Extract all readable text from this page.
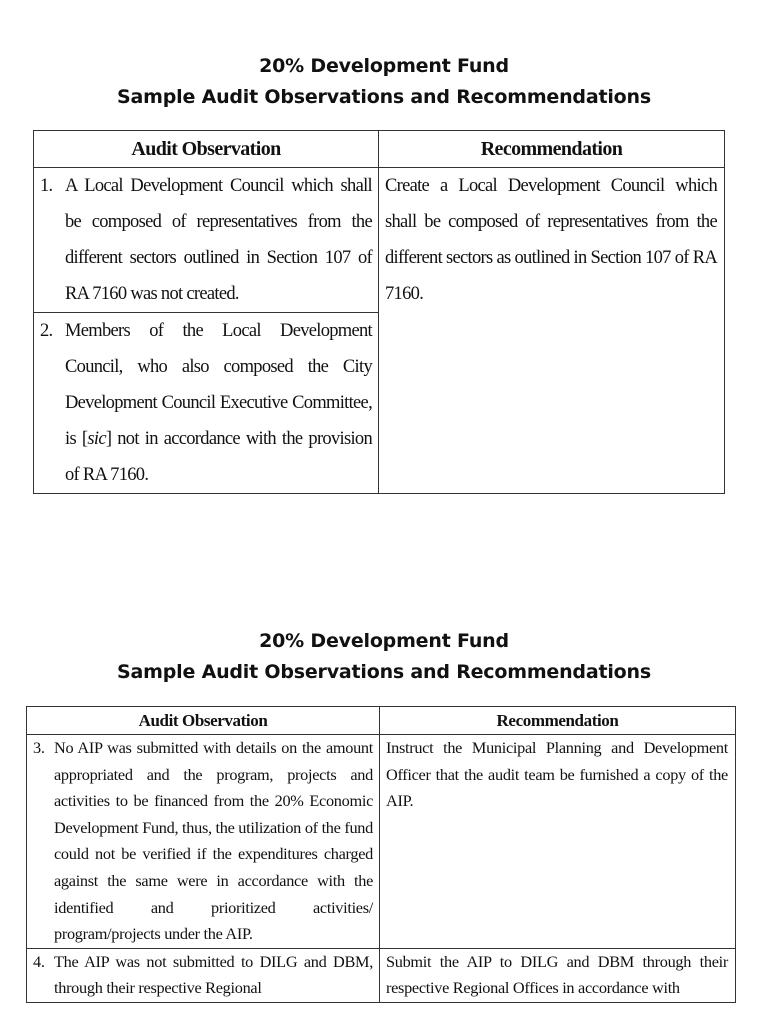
20% Development Fund
Sample Audit Observations and Recommendations
Audit Observation	Recommendation

1. A Local Development Council which shall be composed of representatives from the different sectors outlined in Section 107 of RA 7160 was not created.	Create a Local Development Council which shall be composed of representatives from the different sectors as outlined in Section 107 of RA 7160.

2. Members of the Local Development Council, who also composed the City Development Council Executive Committee, is [sic] not in accordance with the provision of RA 7160.	
20% Development Fund
Sample Audit Observations and Recommendations
Audit Observation	Recommendation

3. No AIP was submitted with details on the amount appropriated and the program, projects and activities to be financed from the 20% Economic Development Fund, thus, the utilization of the fund could not be verified if the expenditures charged against the same were in accordance with the identified and prioritized activities/ program/projects under the AIP.	Instruct the Municipal Planning and Development Officer that the audit team be furnished a copy of the AIP.

4. The AIP was not submitted to DILG and DBM, through their respective Regional	Submit the AIP to DILG and DBM through their respective Regional Offices in accordance with
